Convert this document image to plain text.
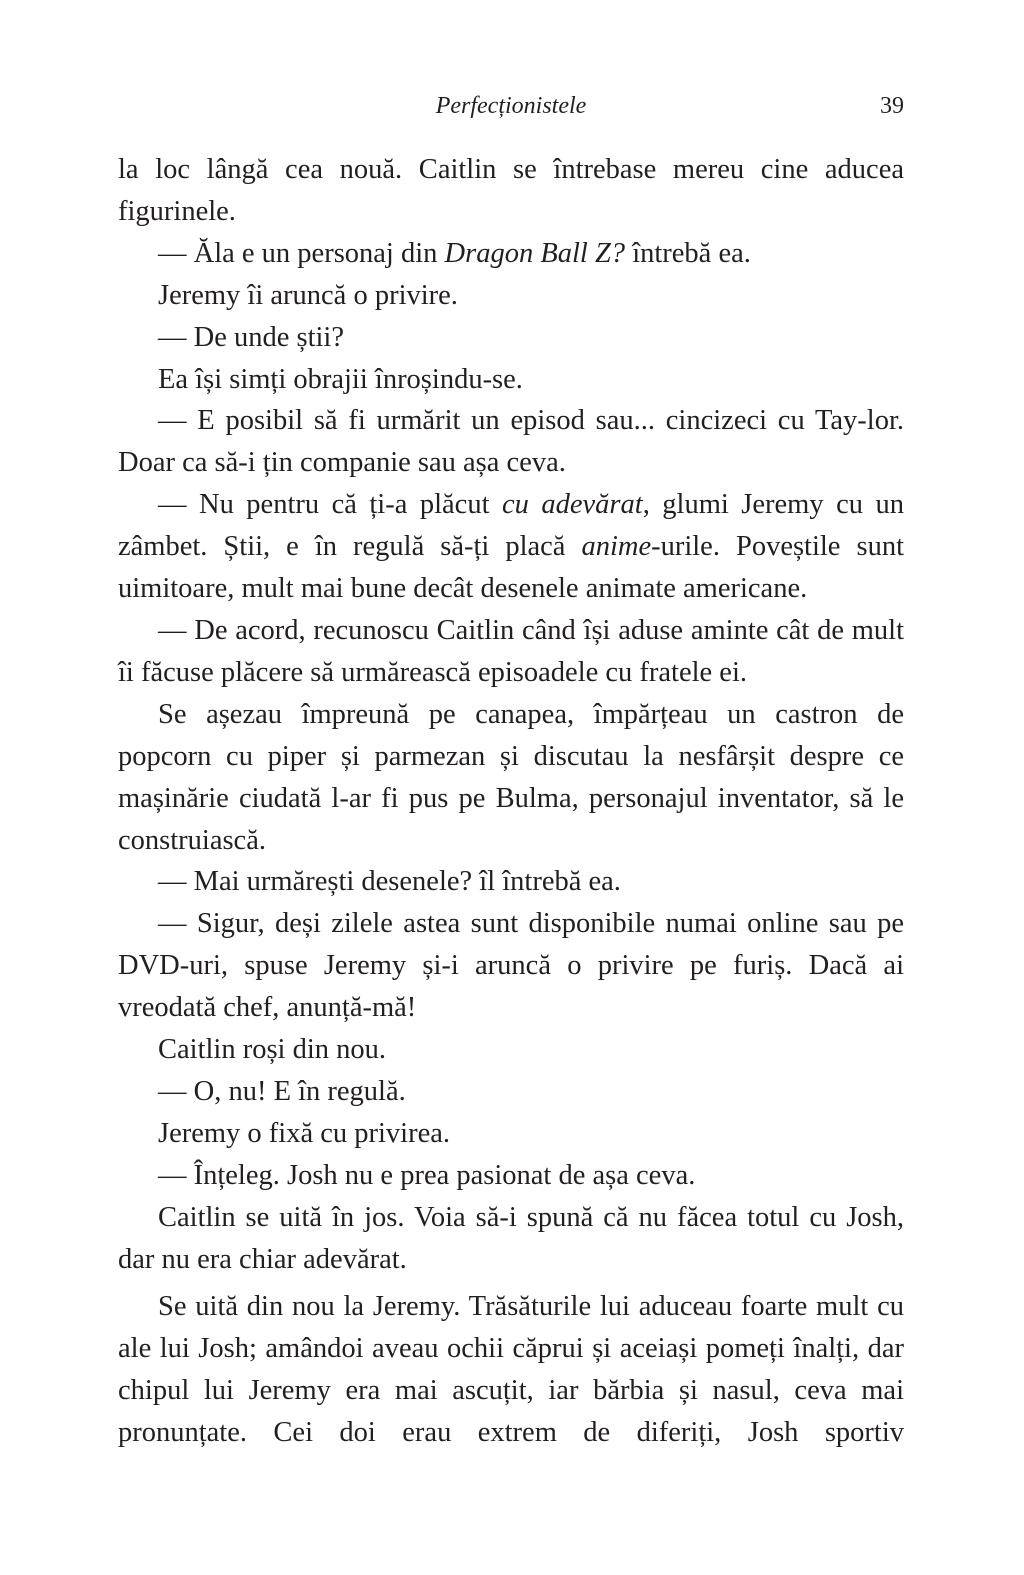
Perfecționistele	39

la loc lângă cea nouă. Caitlin se întrebase mereu cine aducea figurinele.

— Ăla e un personaj din Dragon Ball Z? întrebă ea.

Jeremy îi aruncă o privire.

— De unde știi?

Ea își simți obrajii înroșindu-se.

— E posibil să fi urmărit un episod sau... cincizeci cu Tay-lor. Doar ca să-i țin companie sau așa ceva.

— Nu pentru că ți-a plăcut cu adevărat, glumi Jeremy cu un zâmbet. Știi, e în regulă să-ți placă anime-urile. Poveștile sunt uimitoare, mult mai bune decât desenele animate americane.

— De acord, recunoscu Caitlin când își aduse aminte cât de mult îi făcuse plăcere să urmărească episoadele cu fratele ei.

Se așezau împreună pe canapea, împărțeau un castron de popcorn cu piper și parmezan și discutau la nesfârșit despre ce mașinărie ciudată l-ar fi pus pe Bulma, personajul inventator, să le construiască.

— Mai urmărești desenele? îl întrebă ea.

— Sigur, deși zilele astea sunt disponibile numai online sau pe DVD-uri, spuse Jeremy și-i aruncă o privire pe furiș. Dacă ai vreodată chef, anunță-mă!

Caitlin roși din nou.

— O, nu! E în regulă.

Jeremy o fixă cu privirea.

— Înțeleg. Josh nu e prea pasionat de așa ceva.

Caitlin se uită în jos. Voia să-i spună că nu făcea totul cu Josh, dar nu era chiar adevărat.

Se uită din nou la Jeremy. Trăsăturile lui aduceau foarte mult cu ale lui Josh; amândoi aveau ochii căprui și aceiași pomeți înalți, dar chipul lui Jeremy era mai ascuțit, iar bărbia și nasul, ceva mai pronunțate. Cei doi erau extrem de diferiți, Josh sportiv
